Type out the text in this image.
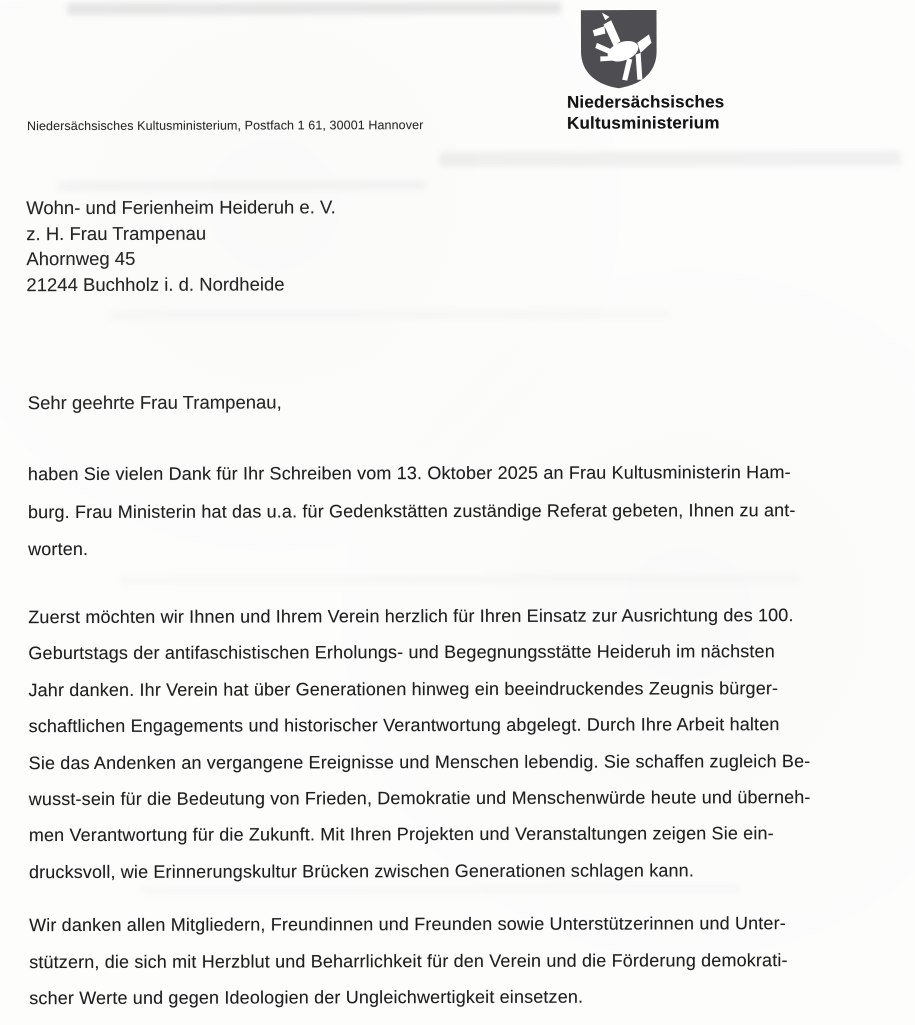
Niedersächsisches
Kultusministerium
Niedersächsisches Kultusministerium, Postfach 1 61, 30001 Hannover
Wohn- und Ferienheim Heideruh e. V.
z. H. Frau Trampenau
Ahornweg 45
21244 Buchholz i. d. Nordheide
Sehr geehrte Frau Trampenau,
haben Sie vielen Dank für Ihr Schreiben vom 13. Oktober 2025 an Frau Kultusministerin Ham-
burg. Frau Ministerin hat das u.a. für Gedenkstätten zuständige Referat gebeten, Ihnen zu ant-
worten.
Zuerst möchten wir Ihnen und Ihrem Verein herzlich für Ihren Einsatz zur Ausrichtung des 100.
Geburtstags der antifaschistischen Erholungs- und Begegnungsstätte Heideruh im nächsten
Jahr danken. Ihr Verein hat über Generationen hinweg ein beeindruckendes Zeugnis bürger-
schaftlichen Engagements und historischer Verantwortung abgelegt. Durch Ihre Arbeit halten
Sie das Andenken an vergangene Ereignisse und Menschen lebendig. Sie schaffen zugleich Be-
wusst-sein für die Bedeutung von Frieden, Demokratie und Menschenwürde heute und überneh-
men Verantwortung für die Zukunft. Mit Ihren Projekten und Veranstaltungen zeigen Sie ein-
drucksvoll, wie Erinnerungskultur Brücken zwischen Generationen schlagen kann.
Wir danken allen Mitgliedern, Freundinnen und Freunden sowie Unterstützerinnen und Unter-
stützern, die sich mit Herzblut und Beharrlichkeit für den Verein und die Förderung demokrati-
scher Werte und gegen Ideologien der Ungleichwertigkeit einsetzen.
